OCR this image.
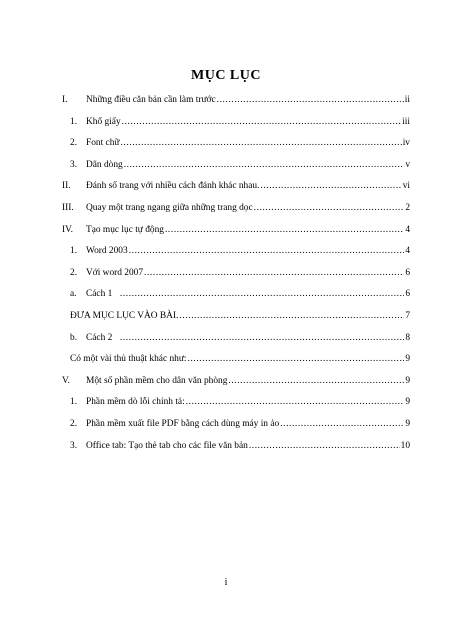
MỤC LỤC
I.	Những điều căn bản cần làm trước .....	ii
1. Khổ giấy .....	iii
2. Font chữ .....	iv
3. Dãn dòng .....	v
II.	Đánh số trang với nhiều cách đánh khác nhau. .....	vi
III.	Quay một trang ngang giữa những trang dọc .....	2
IV.	Tạo mục lục tự động .....	4
1. Word 2003 .....	4
2. Với word 2007 .....	6
a.	Cách 1 .....	6
ĐƯA MỤC LỤC VÀO BÀI. .....	7
b. Cách 2 .....	8
Có một vài thủ thuật khác như: .....	9
V.	Một số phần mềm cho dân văn phòng .....	9
1. Phần mềm dò lỗi chính tả: .....	9
2. Phần mềm xuất file PDF bằng cách dùng máy in ảo .....	9
3. Office tab: Tạo thẻ tab cho các file văn bản .....	10
i
